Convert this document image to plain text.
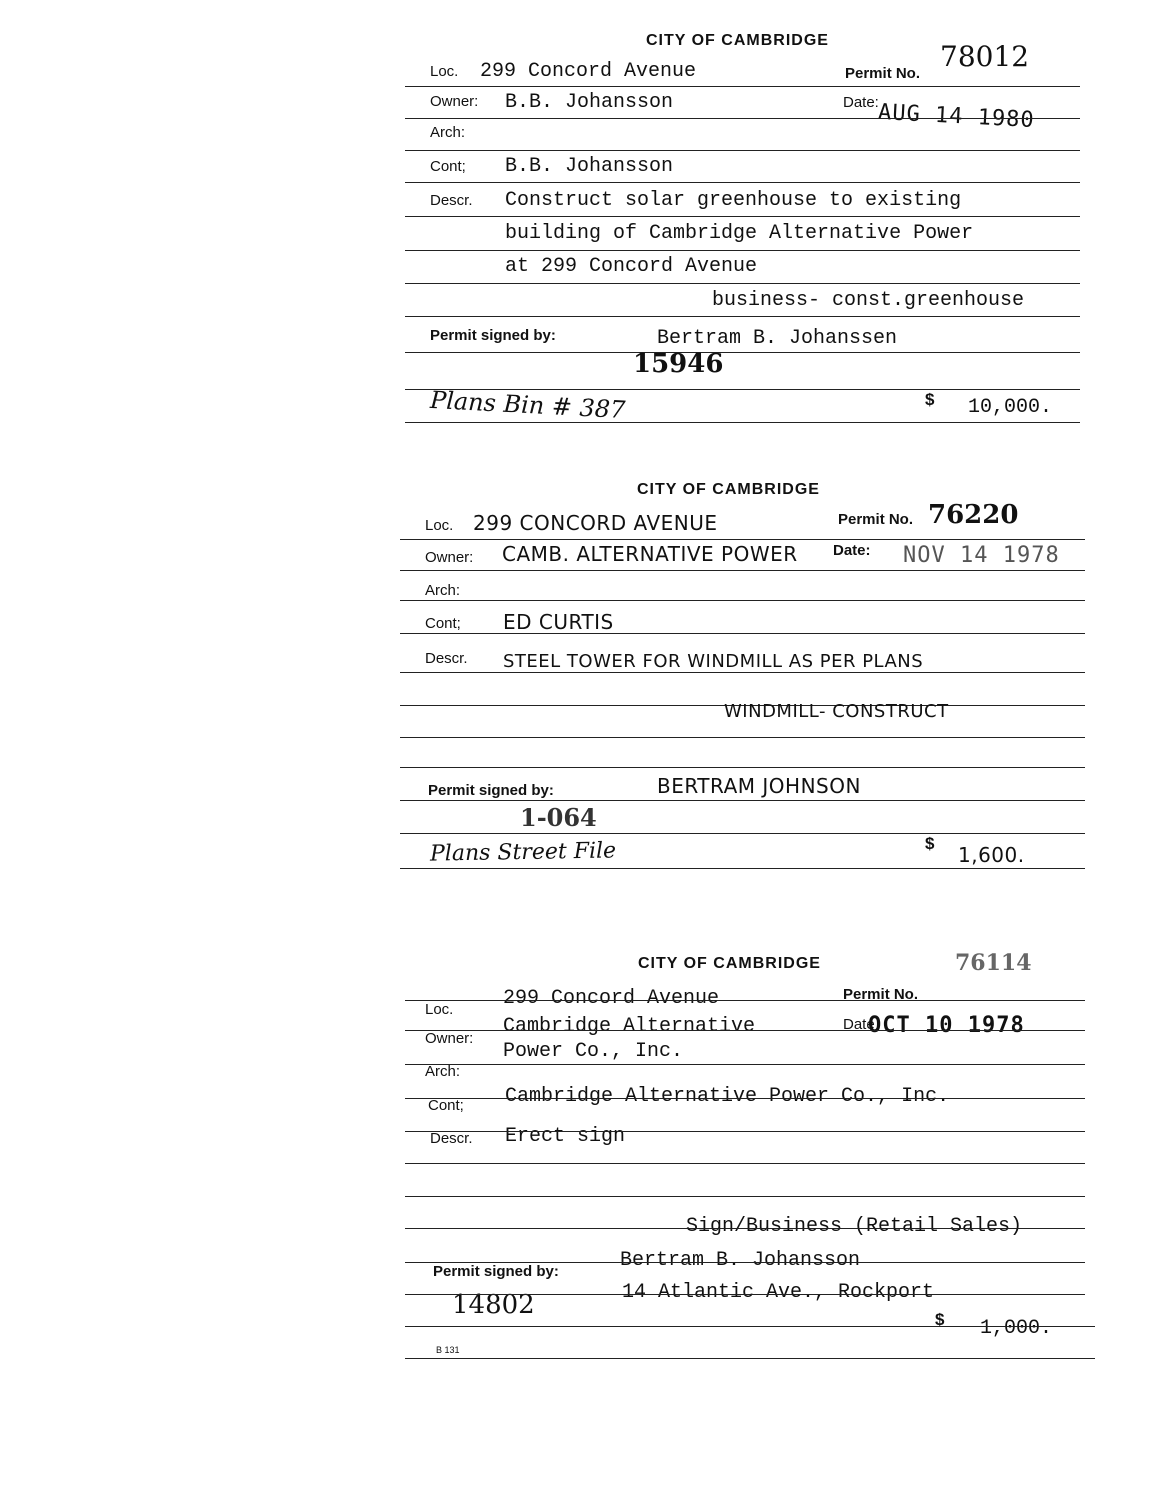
CITY OF CAMBRIDGE
Permit No.
78012
Loc. 299 Concord Avenue
Owner: B.B. Johansson	Date:
AUG 14 1980
Arch:
Cont; B.B. Johansson
Descr. Construct solar greenhouse to existing
building of Cambridge Alternative Power
at 299 Concord Avenue
business- const.greenhouse
Permit signed by:	Bertram B. Johanssen
15946
Plans Bin # 387	$ 10,000.
CITY OF CAMBRIDGE
Permit No. 76220
Loc. 299 CONCORD AVENUE
Owner: CAMB. ALTERNATIVE POWER Date: NOV 14 1978
Arch:
Cont; ED CURTIS
Descr. STEEL TOWER FOR WINDMILL AS PER PLANS
WINDMILL- CONSTRUCT
Permit signed by:	BERTRAM JOHNSON
1-064
Plans Street File	$ 1,600.
CITY OF CAMBRIDGE
Permit No.
76114
Loc. 299 Concord Avenue
Owner:
Cambridge Alternative
Power Co., Inc.
Date
OCT 10 1978
Arch:
Cont; Cambridge Alternative Power Co., Inc.
Descr. Erect sign
Sign/Business (Retail Sales)
Permit signed by:	Bertram B. Johansson
14 Atlantic Ave., Rockport
14802	$ 1,000.
B 131
